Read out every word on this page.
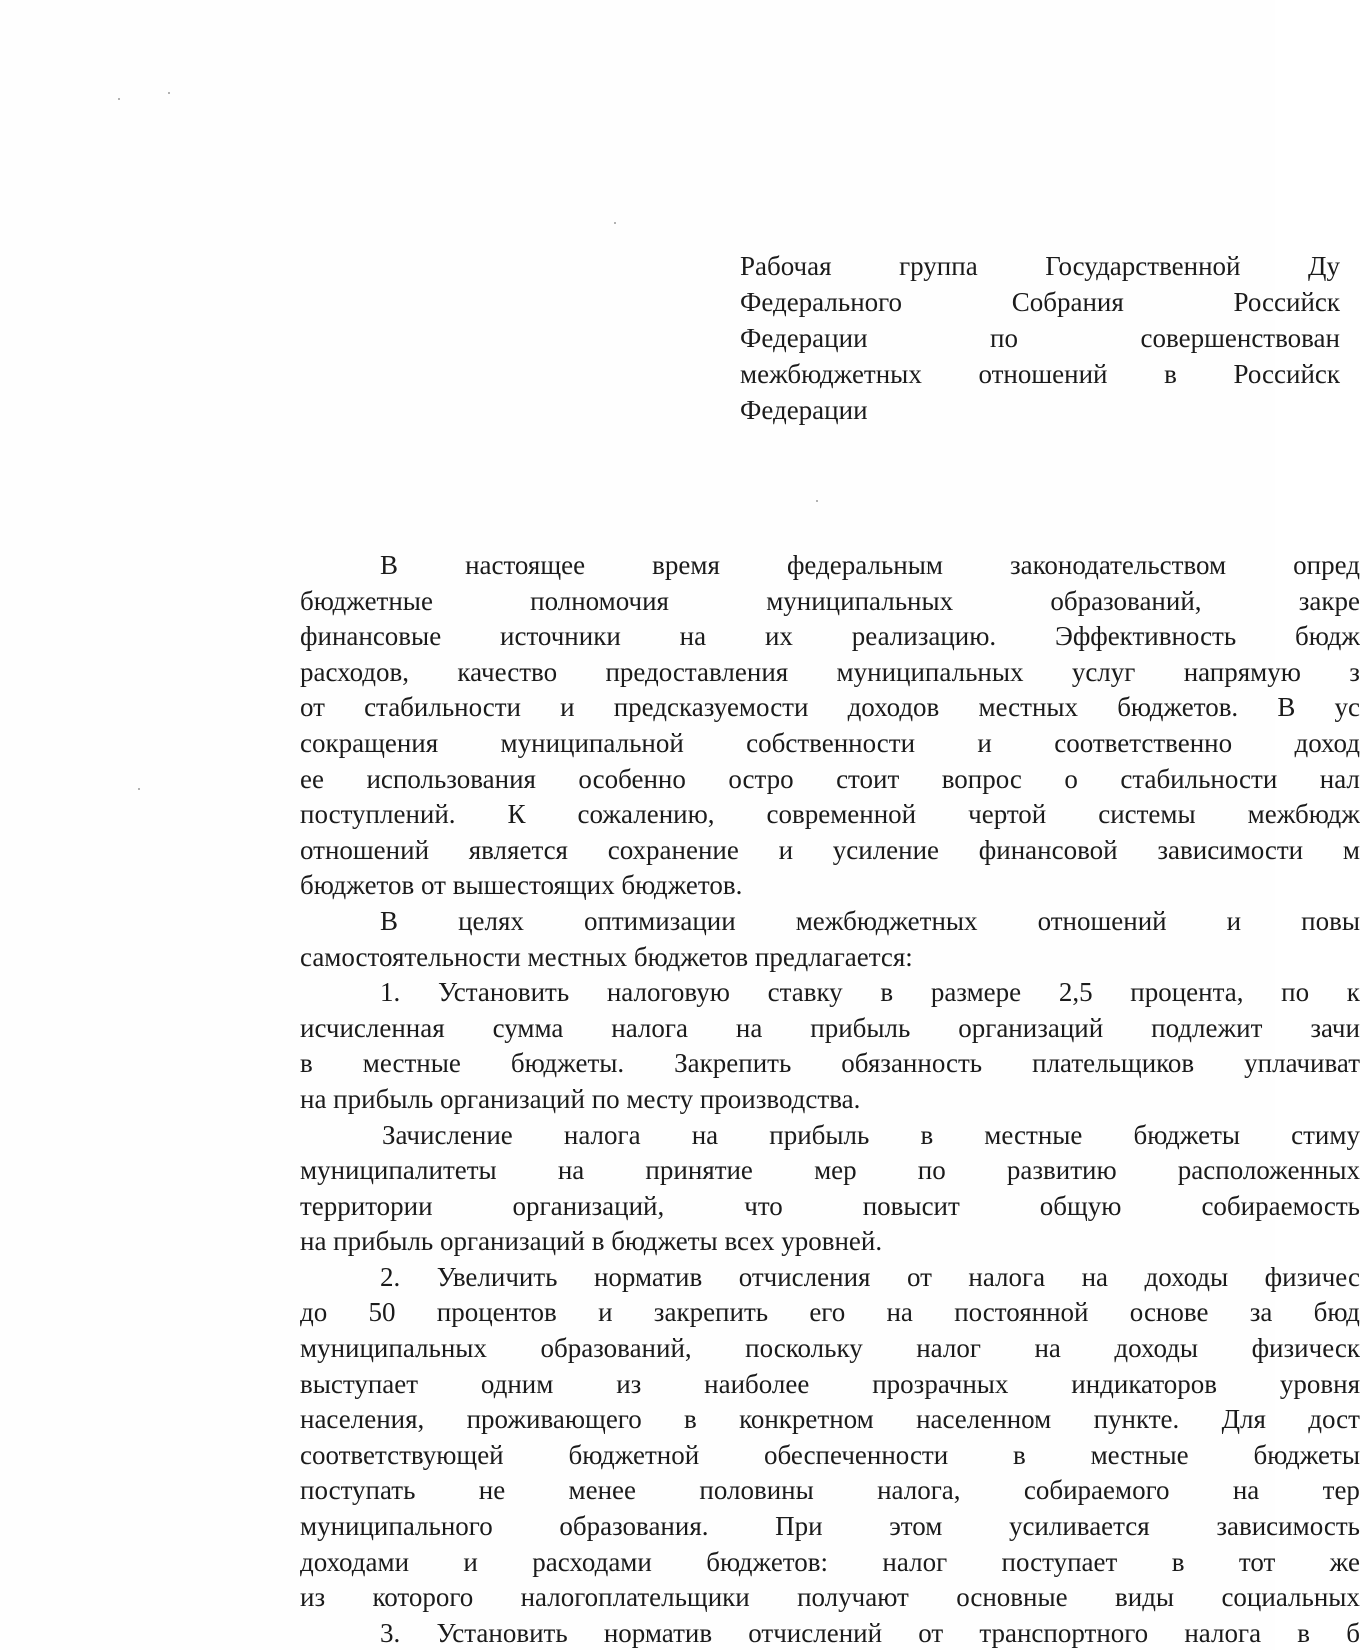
Рабочая	группа	Государственной	Ду
Федерального	Собрания	Российск
Федерации	по	совершенствован
межбюджетных отношений в Российск
Федерации
В настоящее время федеральным законодательством опред
бюджетные	полномочия	муниципальных	образований,	закре
финансовые источники на их реализацию. Эффективность бюдж
расходов, качество предоставления муниципальных услуг напрямую з
от стабильности и предсказуемости доходов местных бюджетов. В ус
сокращения муниципальной собственности и соответственно доход
ее использования особенно остро стоит вопрос о стабильности нал
поступлений. К сожалению, современной чертой системы межбюдж
отношений является сохранение и усиление финансовой зависимости м
бюджетов от вышестоящих бюджетов.
В целях оптимизации межбюджетных отношений и повы
самостоятельности местных бюджетов предлагается:
1. Установить налоговую ставку в размере 2,5 процента, по к
исчисленная сумма налога на прибыль организаций подлежит зачи
в местные бюджеты. Закрепить обязанность плательщиков уплачиват
на прибыль организаций по месту производства.
Зачисление налога на прибыль в местные бюджеты стиму
муниципалитеты на принятие мер по развитию расположенных
территории	организаций,	что	повысит	общую	собираемость
на прибыль организаций в бюджеты всех уровней.
2. Увеличить норматив отчисления от налога на доходы физичес
до 50 процентов и закрепить его на постоянной основе за бюд
муниципальных образований, поскольку налог на доходы физическ
выступает одним из наиболее прозрачных индикаторов уровня
населения, проживающего в конкретном населенном пункте. Для дост
соответствующей бюджетной обеспеченности в местные бюджеты
поступать не менее половины налога, собираемого на тер
муниципального образования. При этом усиливается зависимость
доходами и расходами бюджетов: налог поступает в тот же
из которого налогоплательщики получают основные виды социальных
3. Установить норматив отчислений от транспортного налога в б
